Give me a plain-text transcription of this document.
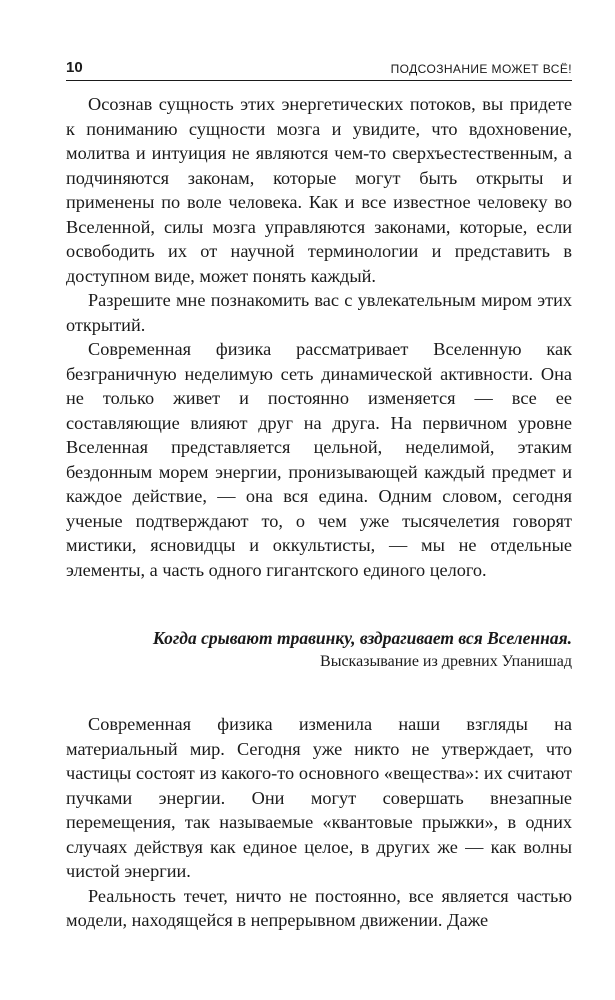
10	ПОДСОЗНАНИЕ МОЖЕТ ВСЁ!

Осознав сущность этих энергетических потоков, вы придете к пониманию сущности мозга и увидите, что вдохновение, молитва и интуиция не являются чем-то сверхъестественным, а подчиняются законам, которые могут быть открыты и применены по воле человека. Как и все известное человеку во Вселенной, силы мозга управляются законами, которые, если освободить их от научной терминологии и представить в доступном виде, может понять каждый.

Разрешите мне познакомить вас с увлекательным миром этих открытий.

Современная физика рассматривает Вселенную как безграничную неделимую сеть динамической активности. Она не только живет и постоянно изменяется — все ее составляющие влияют друг на друга. На первичном уровне Вселенная представляется цельной, неделимой, этаким бездонным морем энергии, пронизывающей каждый предмет и каждое действие, — она вся едина. Одним словом, сегодня ученые подтверждают то, о чем уже тысячелетия говорят мистики, ясновидцы и оккультисты, — мы не отдельные элементы, а часть одного гигантского единого целого.

Когда срывают травинку, вздрагивает вся Вселенная.

Высказывание из древних Упанишад

Современная физика изменила наши взгляды на материальный мир. Сегодня уже никто не утверждает, что частицы состоят из какого-то основного «вещества»: их считают пучками энергии. Они могут совершать внезапные перемещения, так называемые «квантовые прыжки», в одних случаях действуя как единое целое, в других же — как волны чистой энергии.

Реальность течет, ничто не постоянно, все является частью модели, находящейся в непрерывном движении. Даже
